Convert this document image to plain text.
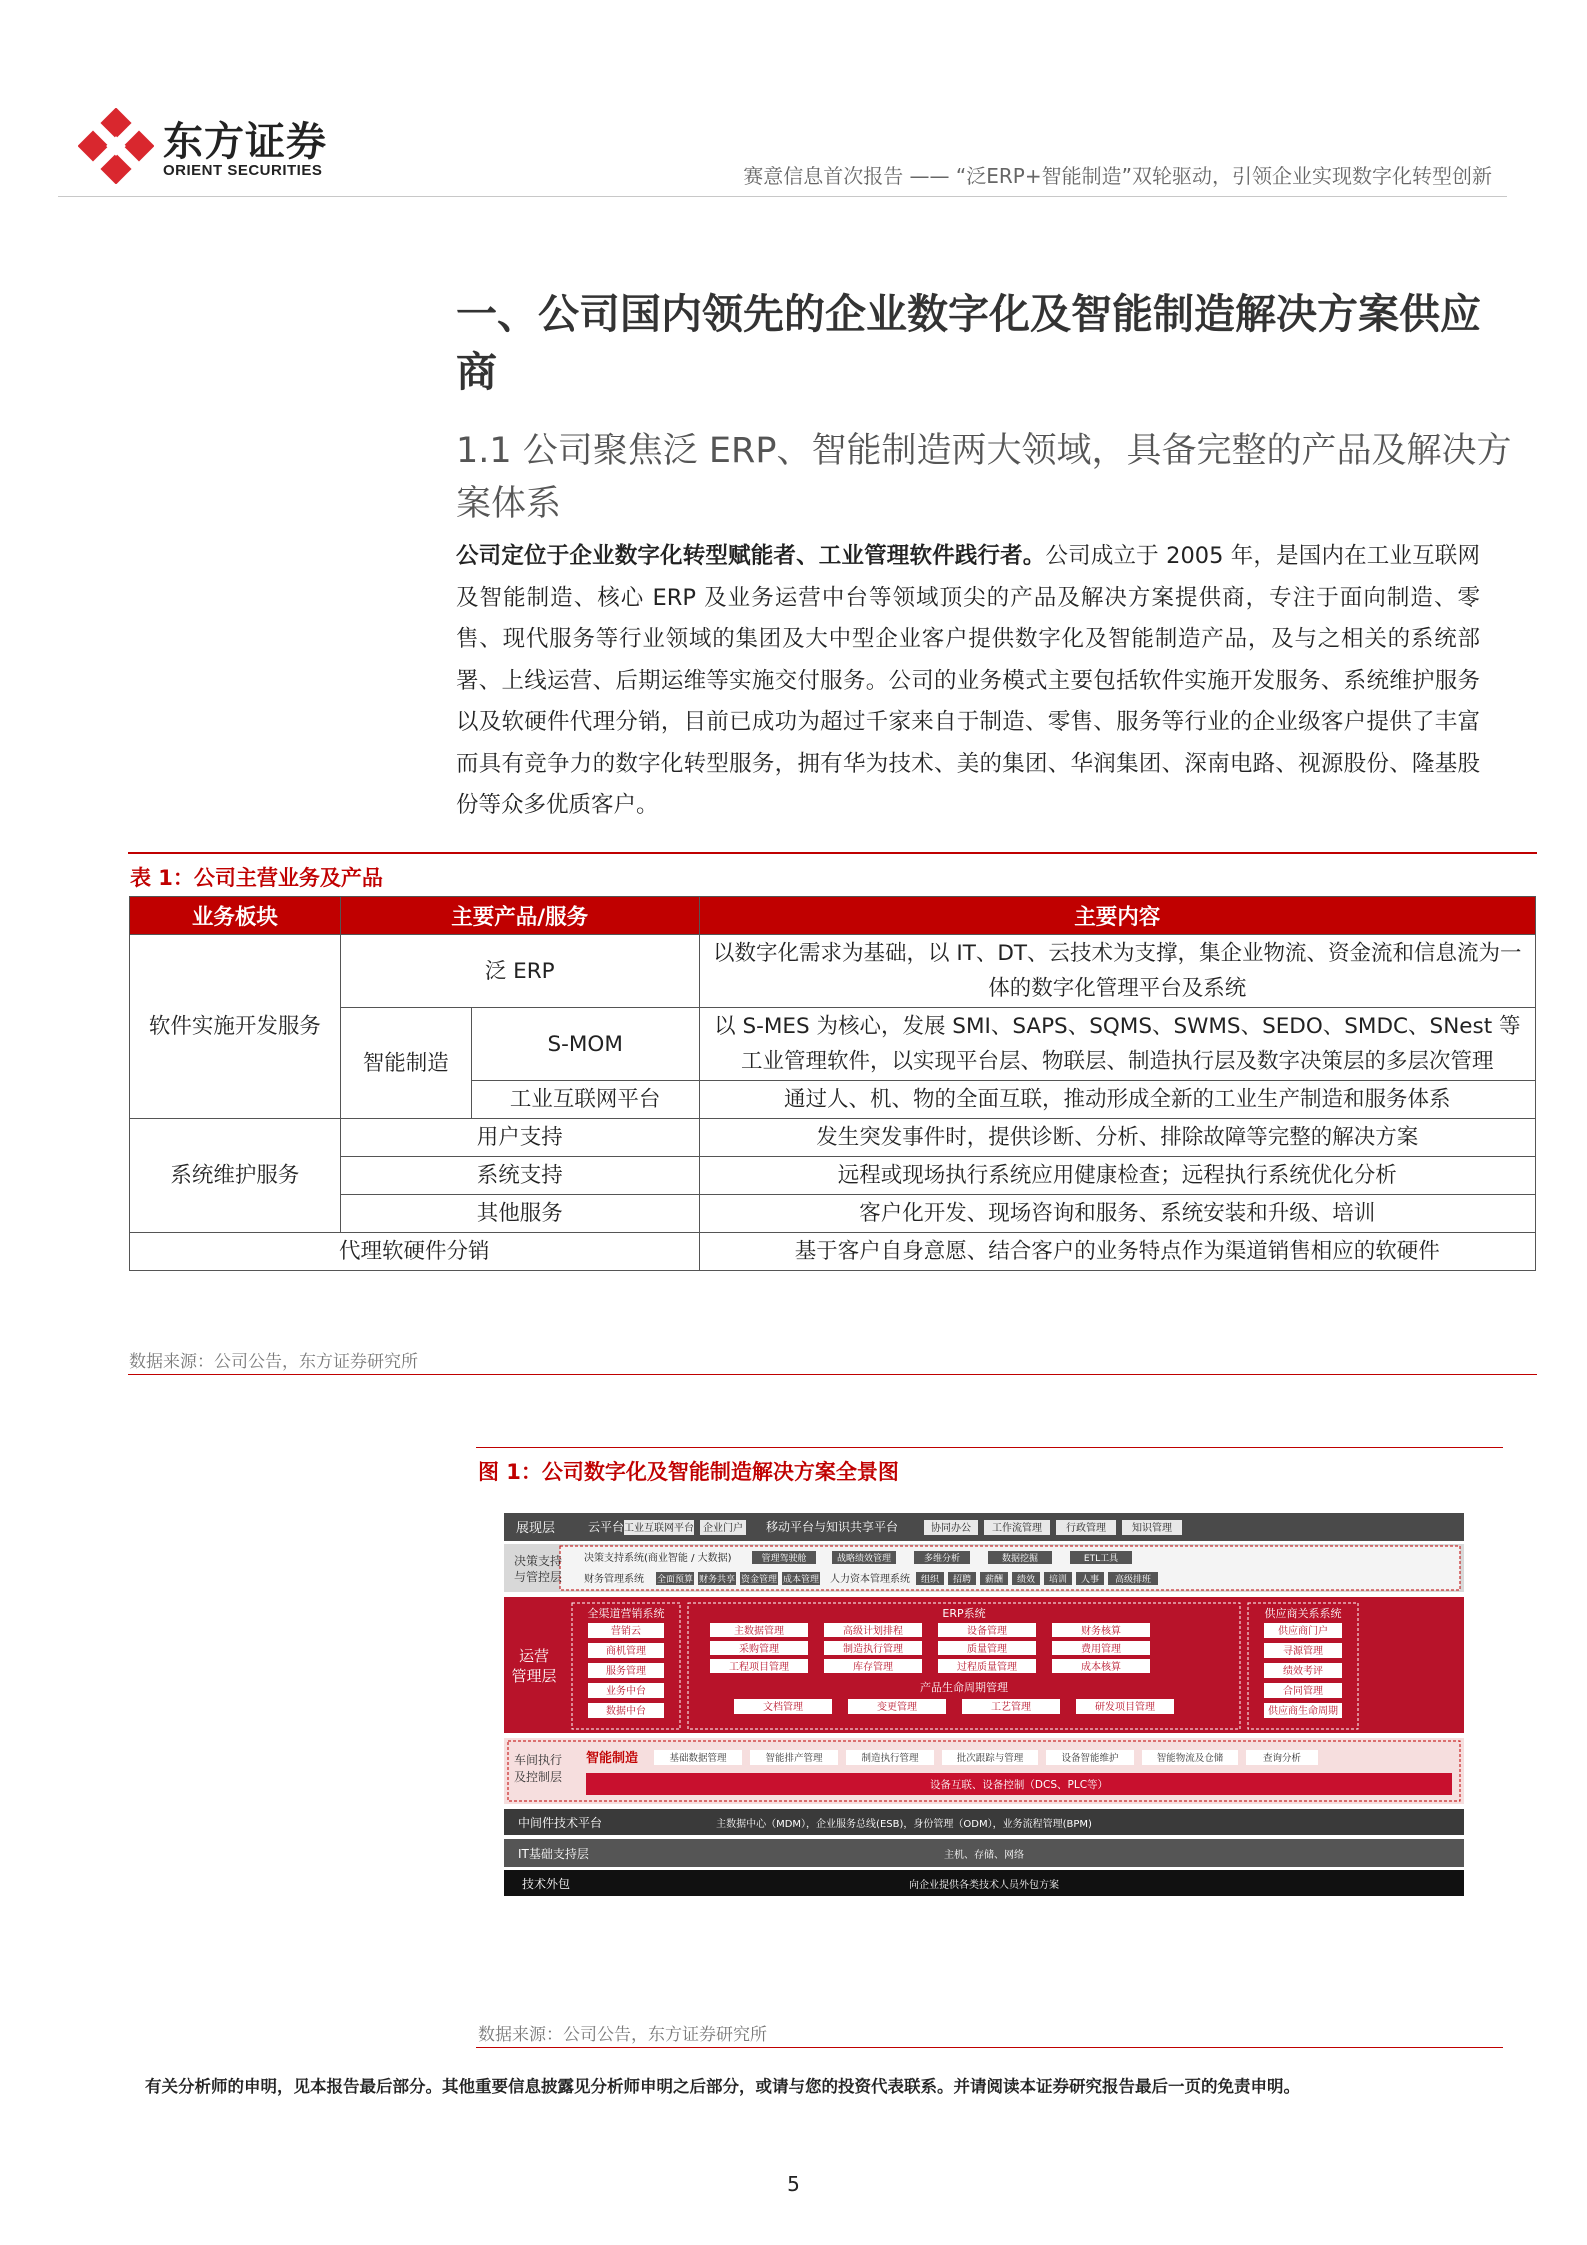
东方证券
ORIENT SECURITIES	赛意信息首次报告 —— “泛ERP+智能制造”双轮驱动，引领企业实现数字化转型创新
一、公司国内领先的企业数字化及智能制造解决方案供应商
1.1 公司聚焦泛 ERP、智能制造两大领域，具备完整的产品及解决方案体系
公司定位于企业数字化转型赋能者、工业管理软件践行者。公司成立于 2005 年，是国内在工业互联网及智能制造、核心 ERP 及业务运营中台等领域顶尖的产品及解决方案提供商，专注于面向制造、零售、现代服务等行业领域的集团及大中型企业客户提供数字化及智能制造产品，及与之相关的系统部署、上线运营、后期运维等实施交付服务。公司的业务模式主要包括软件实施开发服务、系统维护服务以及软硬件代理分销，目前已成功为超过千家来自于制造、零售、服务等行业的企业级客户提供了丰富而具有竞争力的数字化转型服务，拥有华为技术、美的集团、华润集团、深南电路、视源股份、隆基股份等众多优质客户。
表 1：公司主营业务及产品
业务板块	主要产品/服务		主要内容
软件实施开发服务	泛 ERP		以数字化需求为基础，以 IT、DT、云技术为支撑，集企业物流、资金流和信息流为一体的数字化管理平台及系统
	智能制造	S-MOM	以 S-MES 为核心，发展 SMI、SAPS、SQMS、SWMS、SEDO、SMDC、SNest 等工业管理软件，以实现平台层、物联层、制造执行层及数字决策层的多层次管理
		工业互联网平台	通过人、机、物的全面互联，推动形成全新的工业生产制造和服务体系
系统维护服务	用户支持		发生突发事件时，提供诊断、分析、排除故障等完整的解决方案
	系统支持		远程或现场执行系统应用健康检查；远程执行系统优化分析
	其他服务		客户化开发、现场咨询和服务、系统安装和升级、培训
代理软硬件分销			基于客户自身意愿、结合客户的业务特点作为渠道销售相应的软硬件
数据来源：公司公告，东方证券研究所
图 1：公司数字化及智能制造解决方案全景图
展现层	云平台 工业互联网平台 企业门户 移动平台与知识共享平台	协同办公 工作流管理 行政管理	知识管理
决策支持
与管控层
决策支持系统(商业智能 / 大数据)	管理驾驶舱	战略绩效管理	多维分析	数据挖掘	ETL工具
财务管理系统 全面预算 财务共享 资金管理 成本管理 人力资本管理系统 组织 招聘 薪酬 绩效 培训 人事 高级排班
运营
管理层
全渠道营销系统
营销云
商机管理
服务管理
业务中台
数据中台
ERP系统
主数据管理	高级计划排程	设备管理	财务核算
采购管理	制造执行管理	质量管理	费用管理
工程项目管理	库存管理	过程质量管理	成本核算
产品生命周期管理
文档管理	变更管理	工艺管理	研发项目管理
供应商关系系统
供应商门户
寻源管理
绩效考评
合同管理
供应商生命周期
车间执行
及控制层
智能制造	基础数据管理	智能排产管理	制造执行管理	批次跟踪与管理	设备智能维护	智能物流及仓储	查询分析
设备互联、设备控制（DCS、PLC等）
中间件技术平台	主数据中心（MDM），企业服务总线(ESB)，身份管理（ODM），业务流程管理(BPM)
IT基础支持层	主机、存储、网络
技术外包	向企业提供各类技术人员外包方案
数据来源：公司公告，东方证券研究所
有关分析师的申明，见本报告最后部分。其他重要信息披露见分析师申明之后部分，或请与您的投资代表联系。并请阅读本证券研究报告最后一页的免责申明。
5
